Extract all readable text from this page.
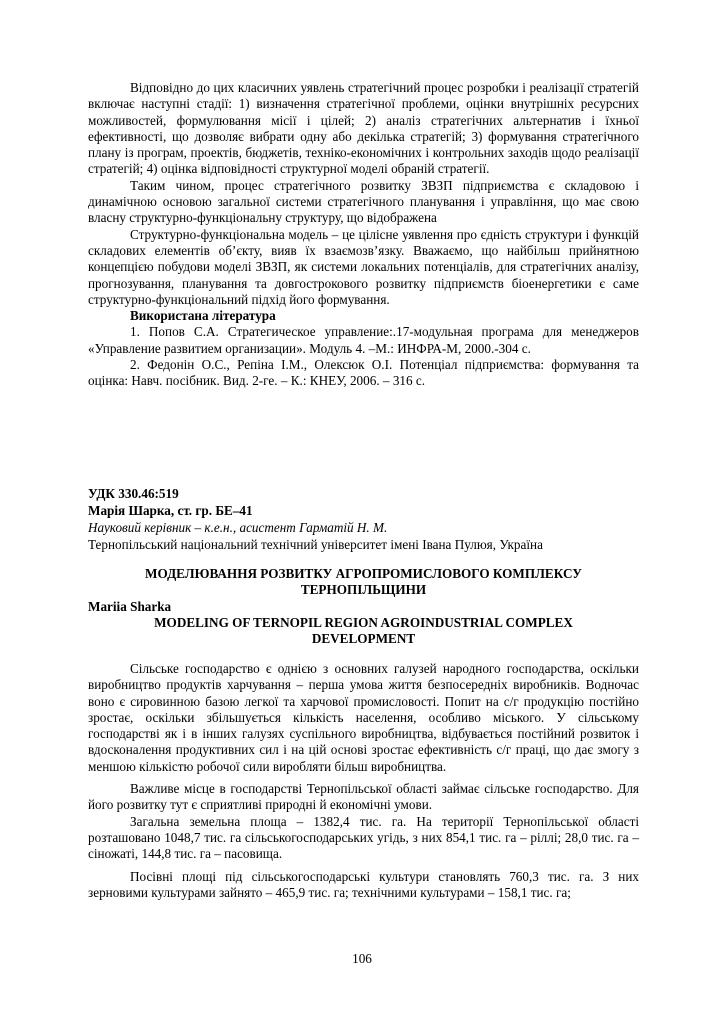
Відповідно до цих класичних уявлень стратегічний процес розробки і реалізації стратегій включає наступні стадії: 1) визначення стратегічної проблеми, оцінки внутрішніх ресурсних можливостей, формулювання місії і цілей; 2) аналіз стратегічних альтернатив і їхньої ефективності, що дозволяє вибрати одну або декілька стратегій; 3) формування стратегічного плану із програм, проектів, бюджетів, техніко-економічних і контрольних заходів щодо реалізації стратегій; 4) оцінка відповідності структурної моделі обраній стратегії.

Таким чином, процес стратегічного розвитку ЗВЗП підприємства є складовою і динамічною основою загальної системи стратегічного планування і управління, що має свою власну структурно-функціональну структуру, що відображена

Структурно-функціональна модель – це цілісне уявлення про єдність структури і функцій складових елементів об’єкту, вияв їх взаємозв’язку. Вважаємо, що найбільш прийнятною концепцією побудови моделі ЗВЗП, як системи локальних потенціалів, для стратегічних аналізу, прогнозування, планування та довгострокового розвитку підприємств біоенергетики є саме структурно-функціональний підхід його формування.

Використана література

1. Попов С.А. Стратегическое управление:.17-модульная програма для менеджеров «Управление развитием организации». Модуль 4. –М.: ИНФРА-М, 2000.-304 с.

2. Федонін О.С., Репіна І.М., Олексюк О.І. Потенціал підприємства: формування та оцінка: Навч. посібник. Вид. 2-ге. – К.: КНЕУ, 2006. – 316 с.

УДК 330.46:519
Марія Шарка, ст. гр. БЕ–41
Науковий керівник – к.е.н., асистент Гарматій Н. М.
Тернопільський національний технічний університет імені Івана Пулюя, Україна
МОДЕЛЮВАННЯ РОЗВИТКУ АГРОПРОМИСЛОВОГО КОМПЛЕКСУ
ТЕРНОПІЛЬЩИНИ
Mariia Sharka
MODELING OF TERNOPIL REGION AGROINDUSTRIAL COMPLEX
DEVELOPMENT

Сільське господарство є однією з основних галузей народного господарства, оскільки виробництво продуктів харчування – перша умова життя безпосередніх виробників. Водночас воно є сировинною базою легкої та харчової промисловості. Попит на с/г продукцію постійно зростає, оскільки збільшується кількість населення, особливо міського. У сільському господарстві як і в інших галузях суспільного виробництва, відбувається постійний розвиток і вдосконалення продуктивних сил і на цій основі зростає ефективність с/г праці, що дає змогу з меншою кількістю робочої сили виробляти більш виробництва.

Важливе місце в господарстві Тернопільської області займає сільське господарство. Для його розвитку тут є сприятливі природні й економічні умови.

Загальна земельна площа – 1382,4 тис. га. На території Тернопільської області розташовано 1048,7 тис. га сільськогосподарських угідь, з них 854,1 тис. га – ріллі; 28,0 тис. га – сіножаті, 144,8 тис. га – пасовища.

Посівні площі під сільськогосподарські культури становлять 760,3 тис. га. З них зерновими культурами зайнято – 465,9 тис. га; технічними культурами – 158,1 тис. га;

106
